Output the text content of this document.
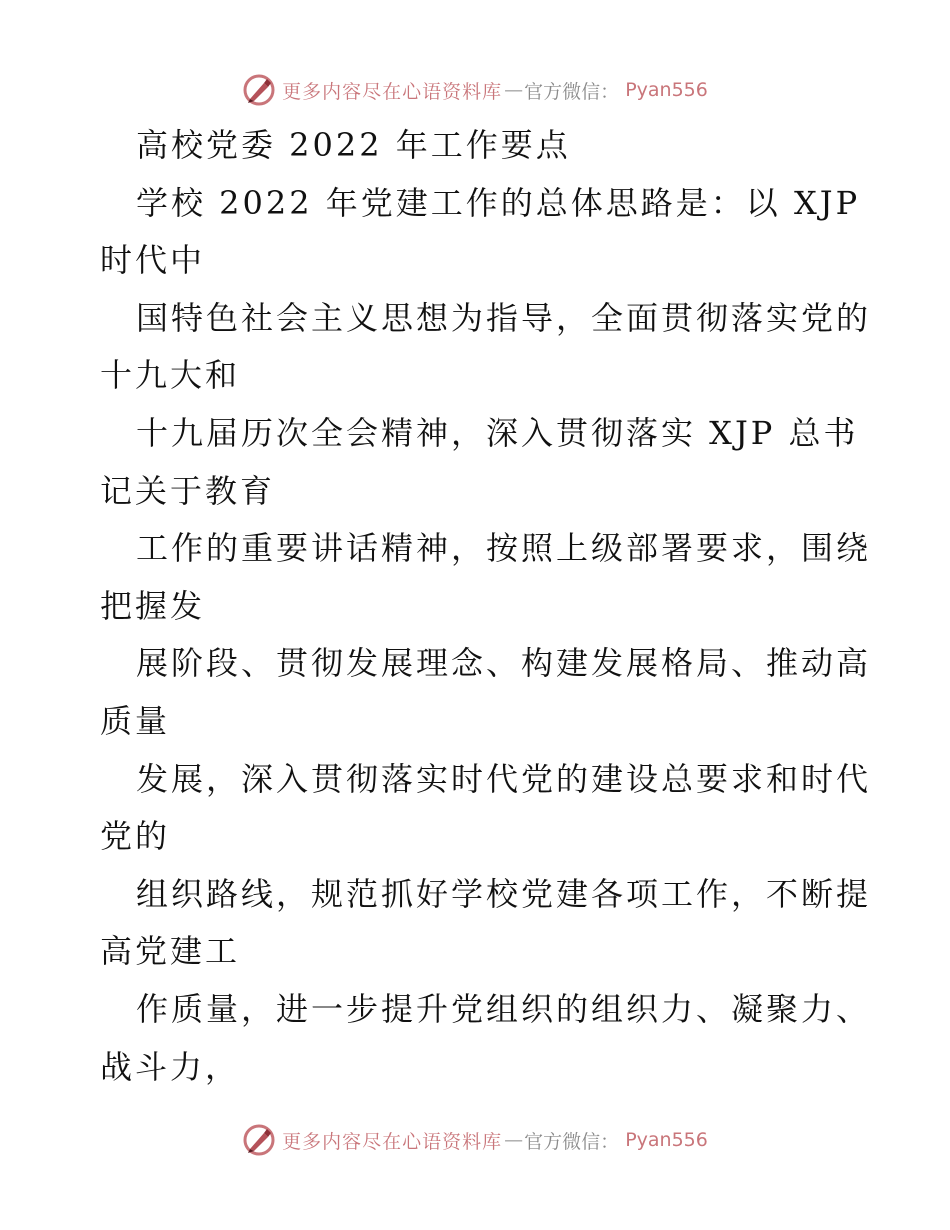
更多内容尽在心语资料库 — 官方微信： Pyan556
高校党委 2022 年工作要点
学校 2022 年党建工作的总体思路是：以 XJP
时代中
国特色社会主义思想为指导，全面贯彻落实党的
十九大和
十九届历次全会精神，深入贯彻落实 XJP 总书
记关于教育
工作的重要讲话精神，按照上级部署要求，围绕
把握发
展阶段、贯彻发展理念、构建发展格局、推动高
质量
发展，深入贯彻落实时代党的建设总要求和时代
党的
组织路线，规范抓好学校党建各项工作，不断提
高党建工
作质量，进一步提升党组织的组织力、凝聚力、
战斗力，
更多内容尽在心语资料库 — 官方微信： Pyan556
